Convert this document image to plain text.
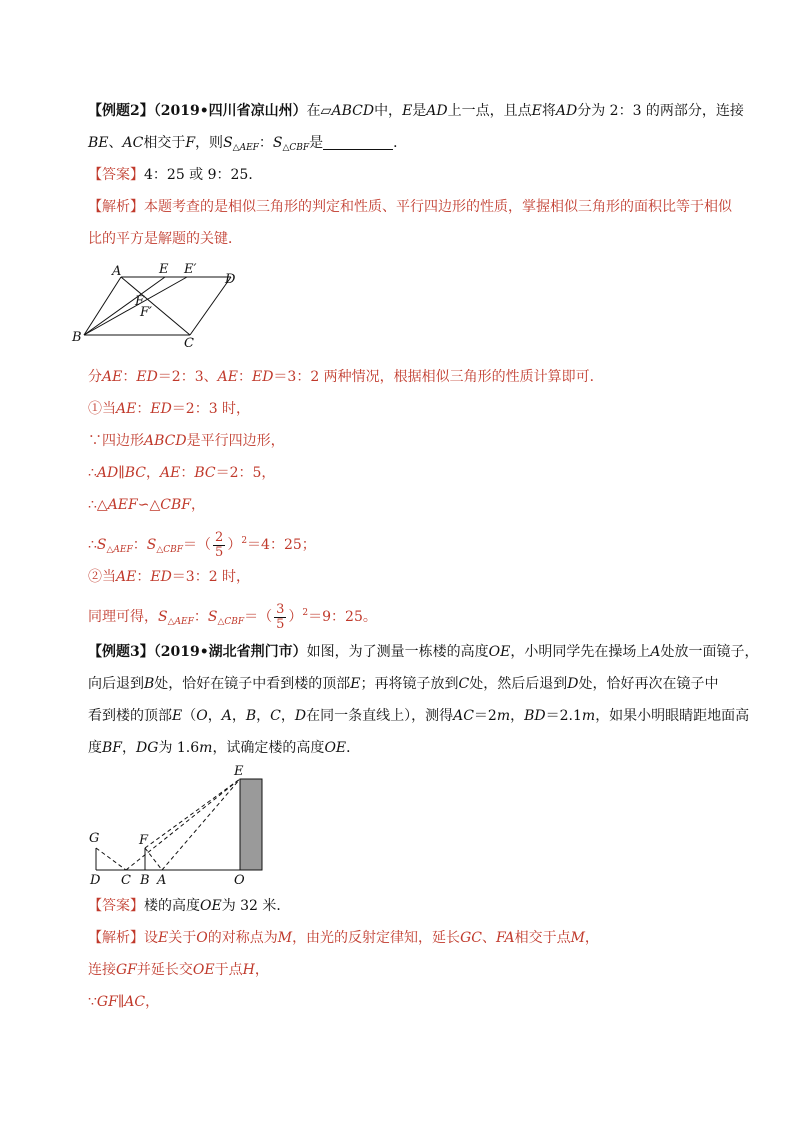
【例题2】（2019•四川省凉山州）在▱ABCD中，E是AD上一点，且点E将AD分为 2：3 的两部分，连接
BE、AC相交于F，则$S_{\triangle AEF}$：$S_{\triangle CBF}$是	．
【答案】4：25 或 9：25．
【解析】本题考查的是相似三角形的判定和性质、平行四边形的性质，掌握相似三角形的面积比等于相似
比的平方是解题的关键．
A	E E′
D
F
F′
B	C
分AE：ED＝2：3、AE：ED＝3：2 两种情况，根据相似三角形的性质计算即可．
①当AE：ED＝2：3 时，
∵四边形ABCD是平行四边形，
∴AD∥BC，AE：BC＝2：5，
∴△AEF∽△CBF，
$\therefore S_{\triangle AEF}$：$S_{\triangle CBF}=( \frac{2}{5} )^2=4$：25；
②当AE：ED＝3：2 时，
同理可得，$S_{\triangle AEF}$：$S_{\triangle CBF}=( \frac{3}{5} )^2=9$：25。
【例题3】（2019•湖北省荆门市）如图，为了测量一栋楼的高度OE，小明同学先在操场上A处放一面镜子，
向后退到B处，恰好在镜子中看到楼的顶部E；再将镜子放到C处，然后后退到D处，恰好再次在镜子中
看到楼的顶部E（O，A，B，C，D在同一条直线上），测得AC＝2m，BD＝2.1m，如果小明眼睛距地面高
度BF，DG为 1.6m，试确定楼的高度OE．
E
G	F
D C B A	O
【答案】楼的高度OE为 32 米．
【解析】设E关于O的对称点为M，由光的反射定律知，延长GC、FA相交于点M，
连接GF并延长交OE于点H，
∵GF∥AC，
